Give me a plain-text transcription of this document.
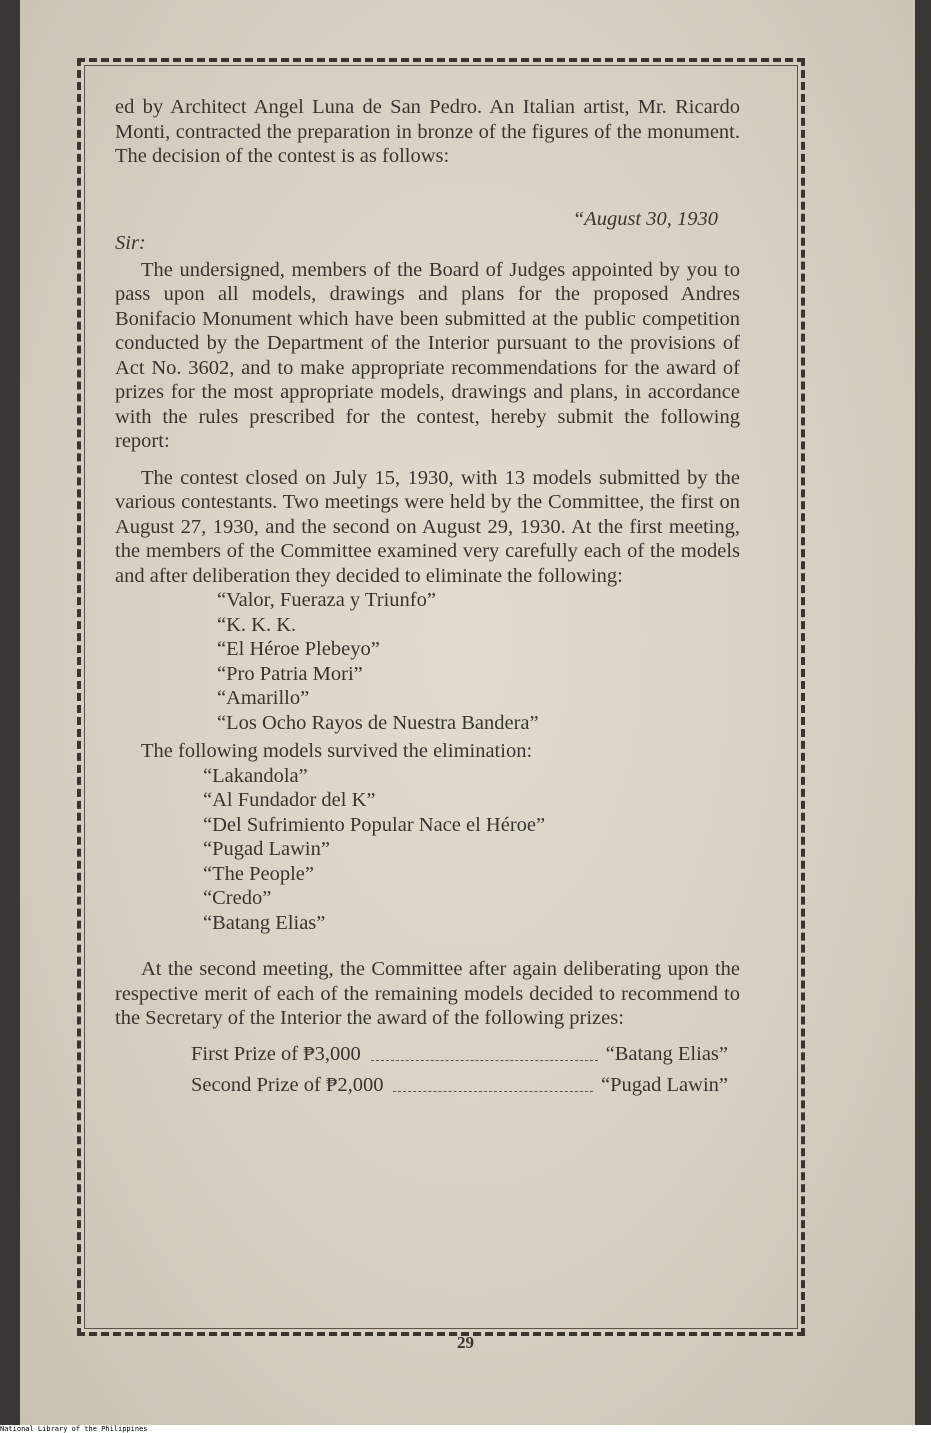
ed by Architect Angel Luna de San Pedro. An Italian artist, Mr. Ricardo Monti, contracted the preparation in bronze of the figures of the monument. The decision of the contest is as follows:

“August 30, 1930

Sir:

The undersigned, members of the Board of Judges appointed by you to pass upon all models, drawings and plans for the proposed Andres Bonifacio Monument which have been submitted at the public competition conducted by the Department of the Interior pursuant to the provisions of Act No. 3602, and to make appropriate recommendations for the award of prizes for the most appropriate models, drawings and plans, in accordance with the rules prescribed for the contest, hereby submit the following report:

The contest closed on July 15, 1930, with 13 models submitted by the various contestants. Two meetings were held by the Committee, the first on August 27, 1930, and the second on August 29, 1930. At the first meeting, the members of the Committee examined very carefully each of the models and after deliberation they decided to eliminate the following:

“Valor, Fueraza y Triunfo”
“K. K. K.
“El Héroe Plebeyo”
“Pro Patria Mori”
“Amarillo”
“Los Ocho Rayos de Nuestra Bandera”

The following models survived the elimination:

“Lakandola”
“Al Fundador del K”
“Del Sufrimiento Popular Nace el Héroe”
“Pugad Lawin”
“The People”
“Credo”
“Batang Elias”

At the second meeting, the Committee after again deliberating upon the respective merit of each of the remaining models decided to recommend to the Secretary of the Interior the award of the following prizes:

First Prize of ₱3,000	“Batang Elias”
Second Prize of ₱2,000	“Pugad Lawin”
29
National Library of the Philippines
